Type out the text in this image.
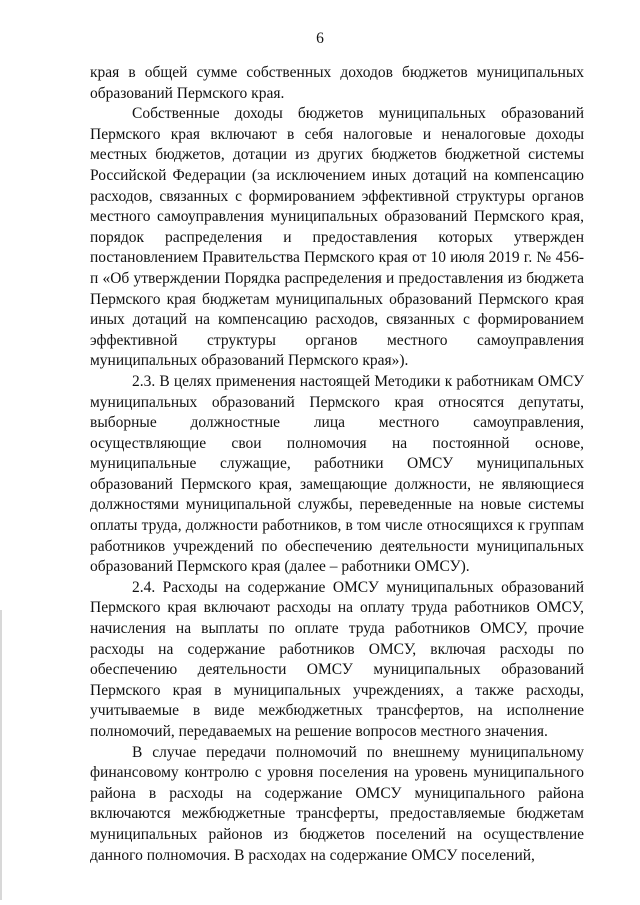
6

края в общей сумме собственных доходов бюджетов муниципальных образований Пермского края.

Собственные доходы бюджетов муниципальных образований Пермского края включают в себя налоговые и неналоговые доходы местных бюджетов, дотации из других бюджетов бюджетной системы Российской Федерации (за исключением иных дотаций на компенсацию расходов, связанных с формированием эффективной структуры органов местного самоуправления муниципальных образований Пермского края, порядок распределения и предоставления которых утвержден постановлением Правительства Пермского края от 10 июля 2019 г. № 456-п «Об утверждении Порядка распределения и предоставления из бюджета Пермского края бюджетам муниципальных образований Пермского края иных дотаций на компенсацию расходов, связанных с формированием эффективной структуры органов местного самоуправления муниципальных образований Пермского края»).

2.3. В целях применения настоящей Методики к работникам ОМСУ муниципальных образований Пермского края относятся депутаты, выборные должностные лица местного самоуправления, осуществляющие свои полномочия на постоянной основе, муниципальные служащие, работники ОМСУ муниципальных образований Пермского края, замещающие должности, не являющиеся должностями муниципальной службы, переведенные на новые системы оплаты труда, должности работников, в том числе относящихся к группам работников учреждений по обеспечению деятельности муниципальных образований Пермского края (далее – работники ОМСУ).

2.4. Расходы на содержание ОМСУ муниципальных образований Пермского края включают расходы на оплату труда работников ОМСУ, начисления на выплаты по оплате труда работников ОМСУ, прочие расходы на содержание работников ОМСУ, включая расходы по обеспечению деятельности ОМСУ муниципальных образований Пермского края в муниципальных учреждениях, а также расходы, учитываемые в виде межбюджетных трансфертов, на исполнение полномочий, передаваемых на решение вопросов местного значения.

В случае передачи полномочий по внешнему муниципальному финансовому контролю с уровня поселения на уровень муниципального района в расходы на содержание ОМСУ муниципального района включаются межбюджетные трансферты, предоставляемые бюджетам муниципальных районов из бюджетов поселений на осуществление данного полномочия. В расходах на содержание ОМСУ поселений,
